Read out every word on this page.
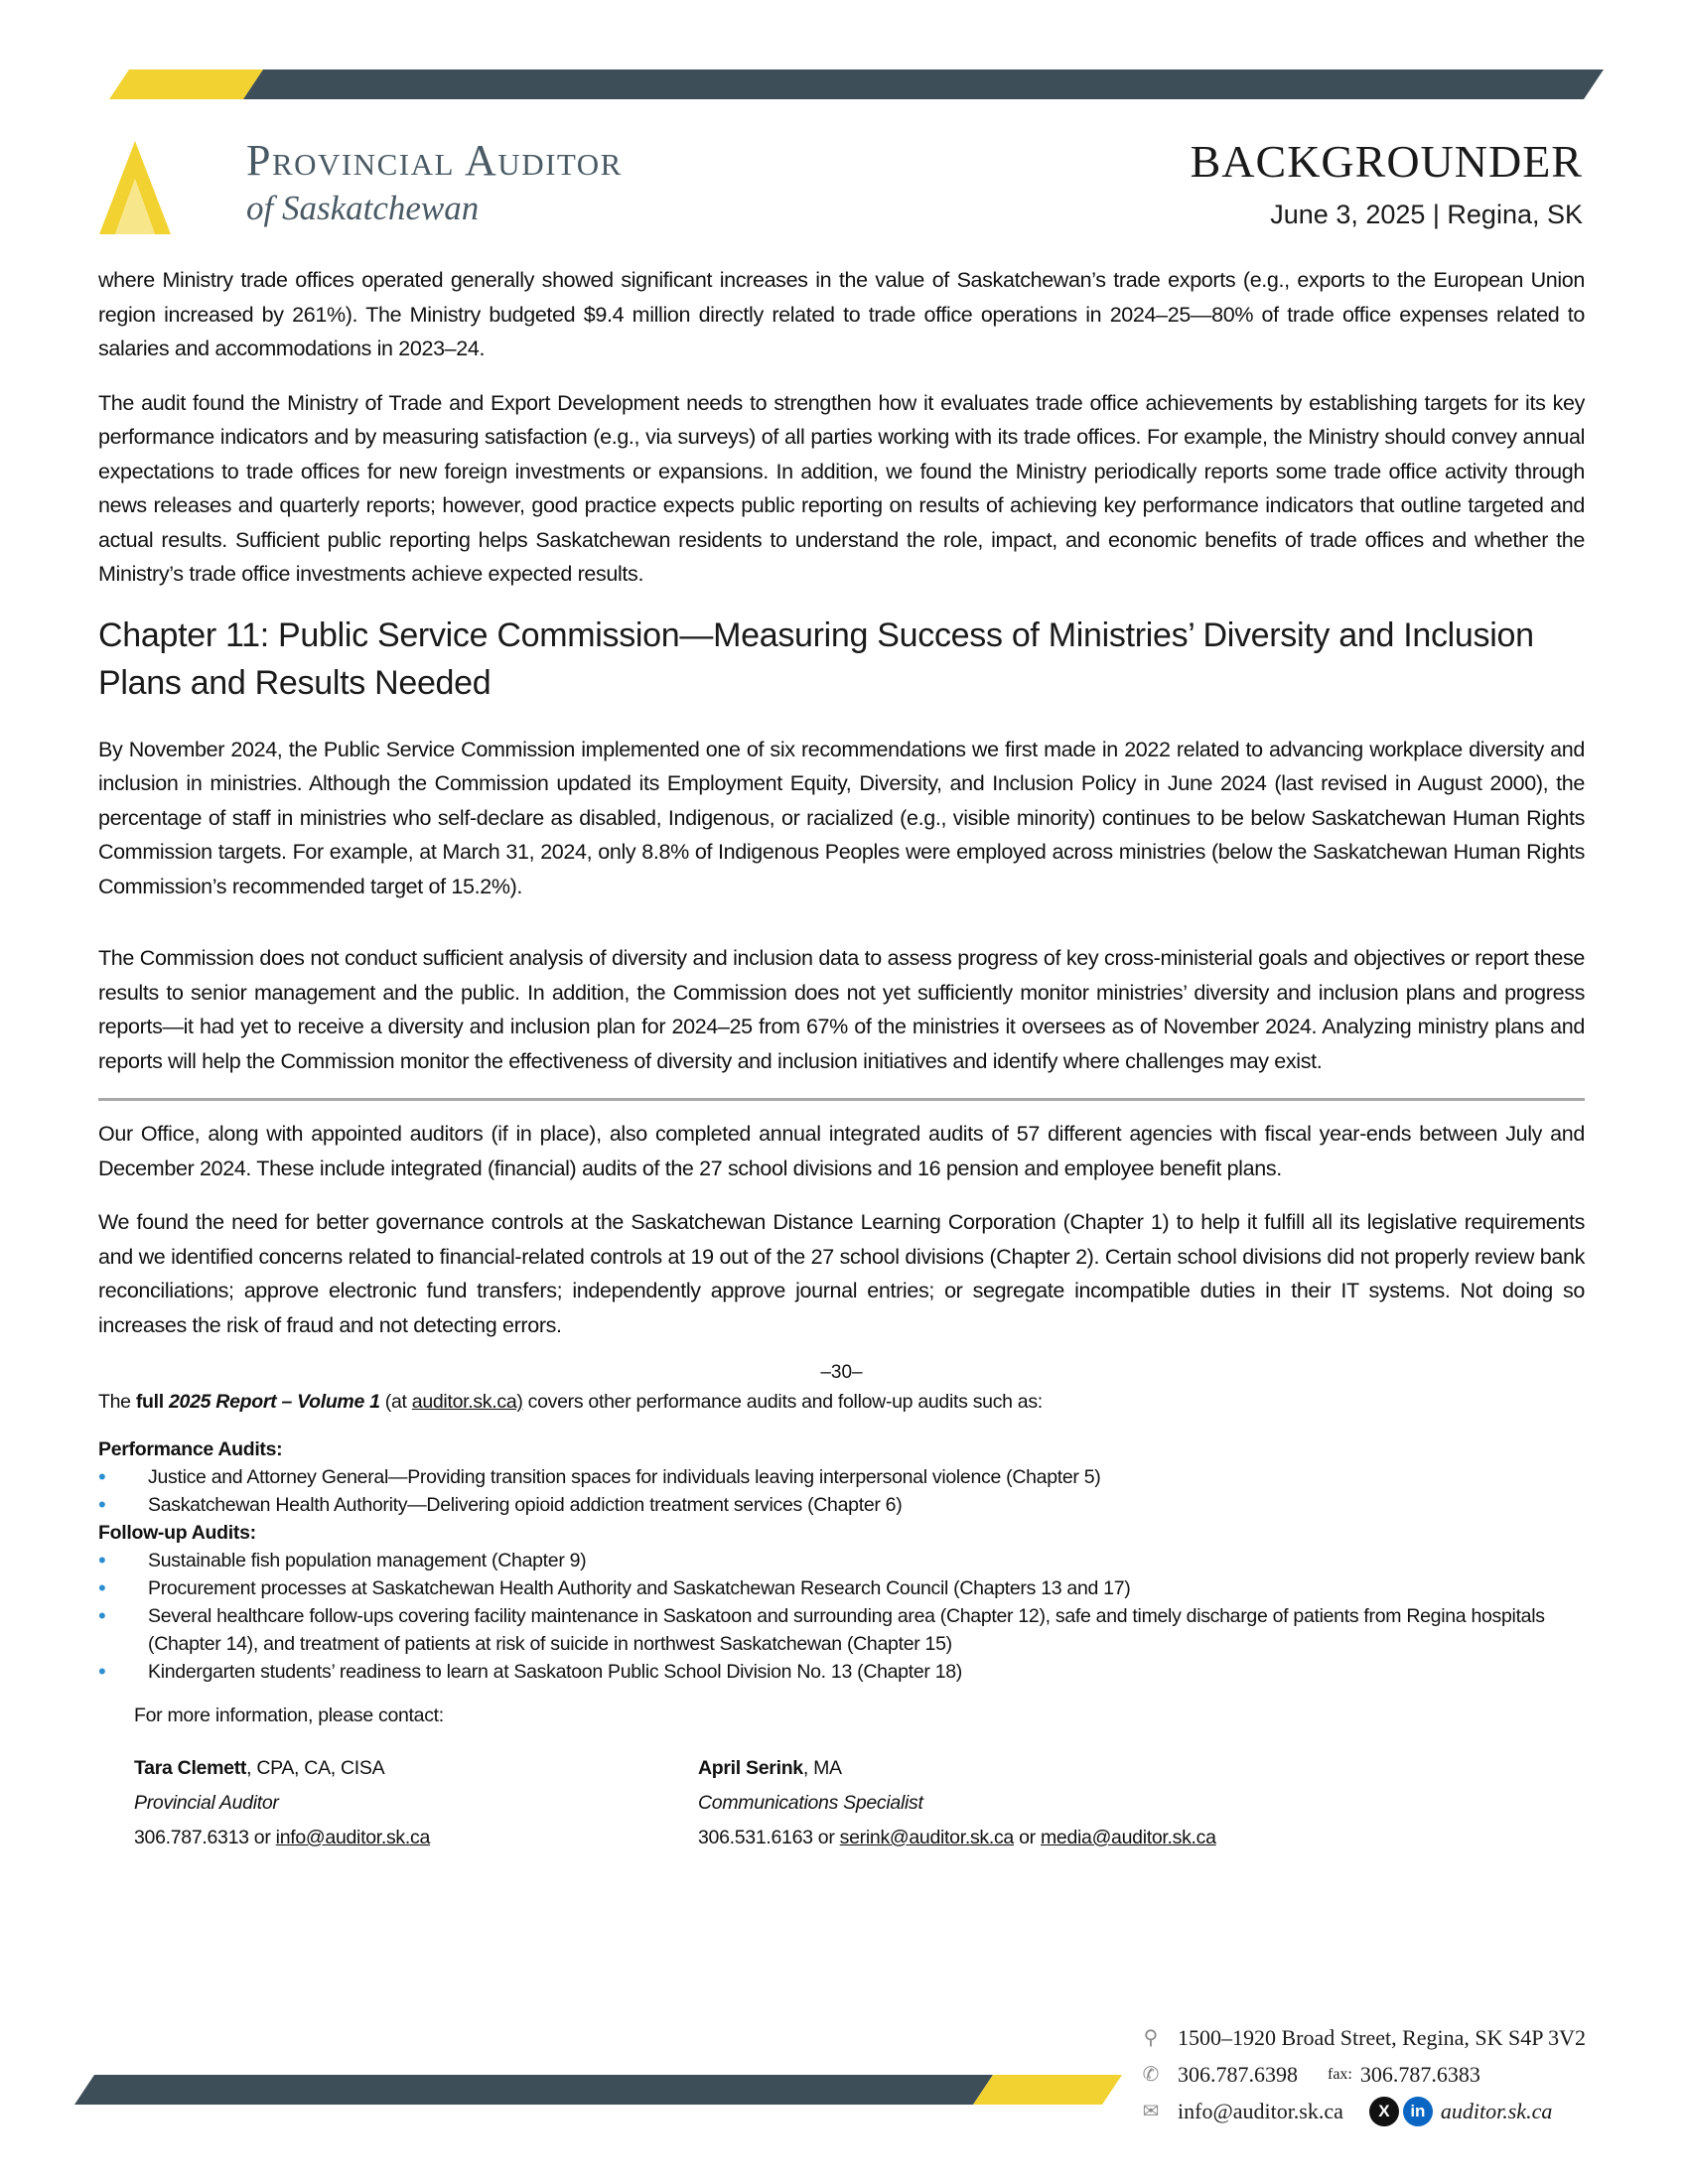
Provincial Auditor
of Saskatchewan
BACKGROUNDER
June 3, 2025 | Regina, SK

where Ministry trade offices operated generally showed significant increases in the value of Saskatchewan’s trade exports (e.g., exports to the European Union region increased by 261%). The Ministry budgeted $9.4 million directly related to trade office operations in 2024–25—80% of trade office expenses related to salaries and accommodations in 2023–24.

The audit found the Ministry of Trade and Export Development needs to strengthen how it evaluates trade office achievements by establishing targets for its key performance indicators and by measuring satisfaction (e.g., via surveys) of all parties working with its trade offices. For example, the Ministry should convey annual expectations to trade offices for new foreign investments or expansions. In addition, we found the Ministry periodically reports some trade office activity through news releases and quarterly reports; however, good practice expects public reporting on results of achieving key performance indicators that outline targeted and actual results. Sufficient public reporting helps Saskatchewan residents to understand the role, impact, and economic benefits of trade offices and whether the Ministry’s trade office investments achieve expected results.

Chapter 11: Public Service Commission—Measuring Success of Ministries’ Diversity and Inclusion Plans and Results Needed

By November 2024, the Public Service Commission implemented one of six recommendations we first made in 2022 related to advancing workplace diversity and inclusion in ministries. Although the Commission updated its Employment Equity, Diversity, and Inclusion Policy in June 2024 (last revised in August 2000), the percentage of staff in ministries who self-declare as disabled, Indigenous, or racialized (e.g., visible minority) continues to be below Saskatchewan Human Rights Commission targets. For example, at March 31, 2024, only 8.8% of Indigenous Peoples were employed across ministries (below the Saskatchewan Human Rights Commission’s recommended target of 15.2%).

The Commission does not conduct sufficient analysis of diversity and inclusion data to assess progress of key cross-ministerial goals and objectives or report these results to senior management and the public. In addition, the Commission does not yet sufficiently monitor ministries’ diversity and inclusion plans and progress reports—it had yet to receive a diversity and inclusion plan for 2024–25 from 67% of the ministries it oversees as of November 2024. Analyzing ministry plans and reports will help the Commission monitor the effectiveness of diversity and inclusion initiatives and identify where challenges may exist.

Our Office, along with appointed auditors (if in place), also completed annual integrated audits of 57 different agencies with fiscal year-ends between July and December 2024. These include integrated (financial) audits of the 27 school divisions and 16 pension and employee benefit plans.

We found the need for better governance controls at the Saskatchewan Distance Learning Corporation (Chapter 1) to help it fulfill all its legislative requirements and we identified concerns related to financial-related controls at 19 out of the 27 school divisions (Chapter 2). Certain school divisions did not properly review bank reconciliations; approve electronic fund transfers; independently approve journal entries; or segregate incompatible duties in their IT systems. Not doing so increases the risk of fraud and not detecting errors.

–30–
The full 2025 Report – Volume 1 (at auditor.sk.ca) covers other performance audits and follow-up audits such as:
Performance Audits:
• Justice and Attorney General—Providing transition spaces for individuals leaving interpersonal violence (Chapter 5)
• Saskatchewan Health Authority—Delivering opioid addiction treatment services (Chapter 6)
Follow-up Audits:
• Sustainable fish population management (Chapter 9)
• Procurement processes at Saskatchewan Health Authority and Saskatchewan Research Council (Chapters 13 and 17)
• Several healthcare follow-ups covering facility maintenance in Saskatoon and surrounding area (Chapter 12), safe and timely discharge of patients from Regina hospitals (Chapter 14), and treatment of patients at risk of suicide in northwest Saskatchewan (Chapter 15)
• Kindergarten students’ readiness to learn at Saskatoon Public School Division No. 13 (Chapter 18)
For more information, please contact:
Tara Clemett, CPA, CA, CISA
Provincial Auditor
306.787.6313 or info@auditor.sk.ca
April Serink, MA
Communications Specialist
306.531.6163 or serink@auditor.sk.ca or media@auditor.sk.ca
⚲ 1500–1920 Broad Street, Regina, SK S4P 3V2
✆ 306.787.6398 fax: 306.787.6383
✉ info@auditor.sk.ca	X	in auditor.sk.ca
